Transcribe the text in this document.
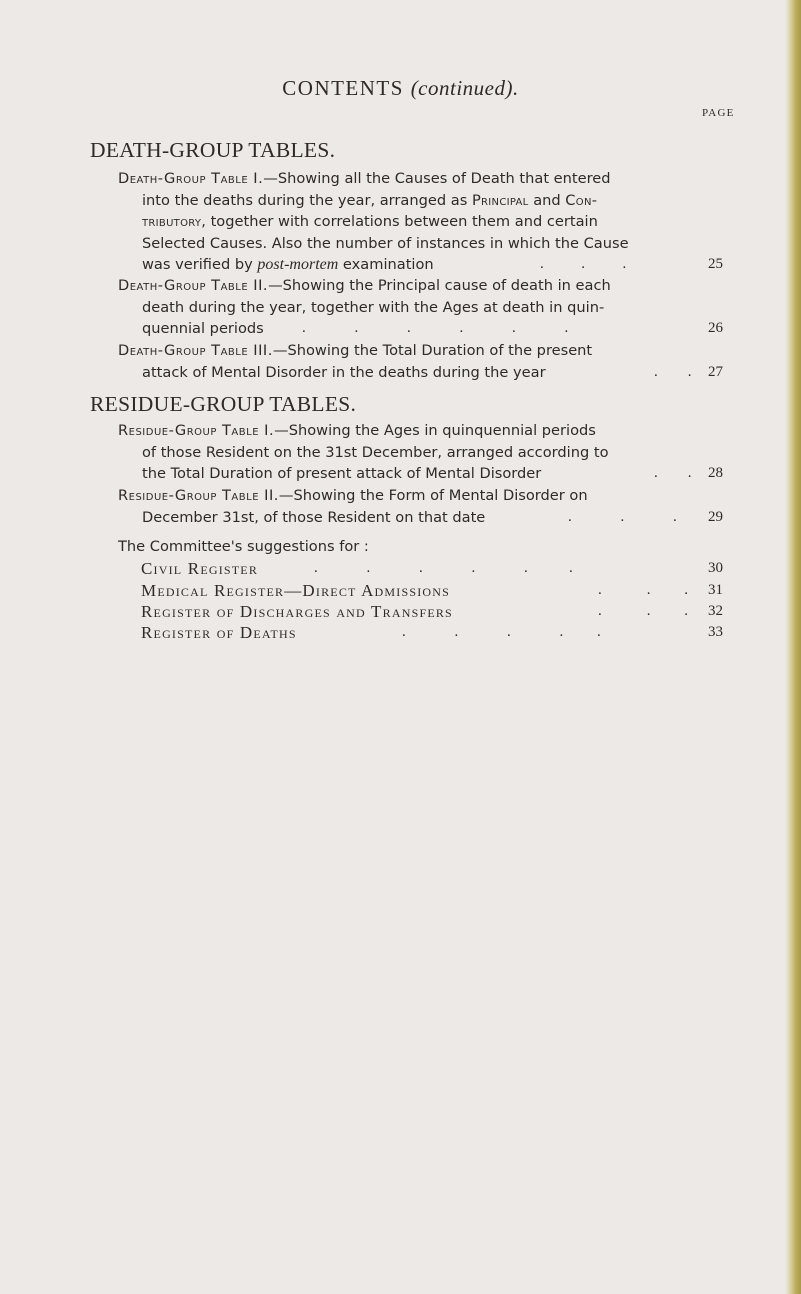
CONTENTS (continued).
PAGE
DEATH-GROUP TABLES.
Death-Group Table I.—Showing all the Causes of Death that entered
into the deaths during the year, arranged as Principal and Con-
tributory, together with correlations between them and certain
Selected Causes. Also the number of instances in which the Cause
was verified by post-mortem examination	.          .          .	25
Death-Group Table II.—Showing the Principal cause of death in each
death during the year, together with the Ages at death in quin-
quennial periods	.             .             .             .             .             .	26
Death-Group Table III.—Showing the Total Duration of the present
attack of Mental Disorder in the deaths during the year	.        . 27
RESIDUE-GROUP TABLES.
Residue-Group Table I.—Showing the Ages in quinquennial periods
of those Resident on the 31st December, arranged according to
the Total Duration of present attack of Mental Disorder	.        . 28
Residue-Group Table II.—Showing the Form of Mental Disorder on
December 31st, of those Resident on that date	.             .             . 29
The Committee's suggestions for :
Civil Register	.             .             .             .             .           .	30
Medical Register—Direct Admissions	.            .         . 31
Register of Discharges and Transfers	.            .         . 32
Register of Deaths	.             .             .             .         .	33
